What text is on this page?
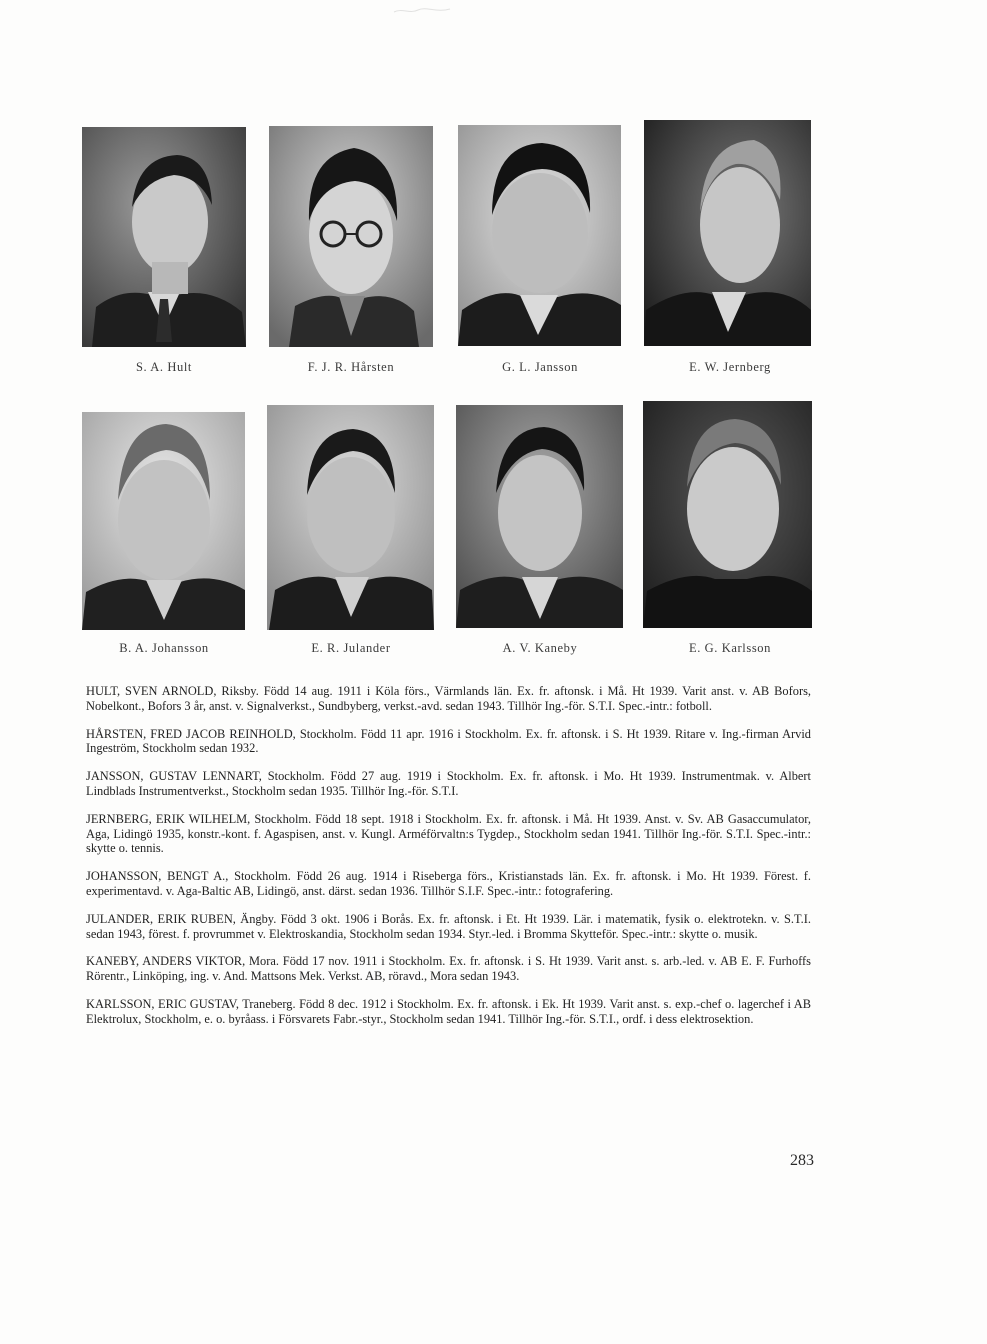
S. A. Hult	F. J. R. Hårsten	G. L. Jansson	E. W. Jernberg
B. A. Johansson	E. R. Julander	A. V. Kaneby	E. G. Karlsson

HULT, SVEN ARNOLD, Riksby. Född 14 aug. 1911 i Köla förs., Värmlands län. Ex. fr. aftonsk. i Må. Ht 1939. Varit anst. v. AB Bofors, Nobelkont., Bofors 3 år, anst. v. Signalverkst., Sundbyberg, verkst.-avd. sedan 1943. Tillhör Ing.-för. S.T.I. Spec.-intr.: fotboll.

HÅRSTEN, FRED JACOB REINHOLD, Stockholm. Född 11 apr. 1916 i Stockholm. Ex. fr. aftonsk. i S. Ht 1939. Ritare v. Ing.-firman Arvid Ingeström, Stockholm sedan 1932.

JANSSON, GUSTAV LENNART, Stockholm. Född 27 aug. 1919 i Stockholm. Ex. fr. aftonsk. i Mo. Ht 1939. Instrumentmak. v. Albert Lindblads Instrumentverkst., Stockholm sedan 1935. Tillhör Ing.-för. S.T.I.

JERNBERG, ERIK WILHELM, Stockholm. Född 18 sept. 1918 i Stockholm. Ex. fr. aftonsk. i Må. Ht 1939. Anst. v. Sv. AB Gasaccumulator, Aga, Lidingö 1935, konstr.-kont. f. Agaspisen, anst. v. Kungl. Arméförvaltn:s Tygdep., Stockholm sedan 1941. Tillhör Ing.-för. S.T.I. Spec.-intr.: skytte o. tennis.

JOHANSSON, BENGT A., Stockholm. Född 26 aug. 1914 i Riseberga förs., Kristianstads län. Ex. fr. aftonsk. i Mo. Ht 1939. Förest. f. experimentavd. v. Aga-Baltic AB, Lidingö, anst. därst. sedan 1936. Tillhör S.I.F. Spec.-intr.: fotografering.

JULANDER, ERIK RUBEN, Ängby. Född 3 okt. 1906 i Borås. Ex. fr. aftonsk. i Et. Ht 1939. Lär. i matematik, fysik o. elektrotekn. v. S.T.I. sedan 1943, förest. f. provrummet v. Elektroskandia, Stockholm sedan 1934. Styr.-led. i Bromma Skytteför. Spec.-intr.: skytte o. musik.

KANEBY, ANDERS VIKTOR, Mora. Född 17 nov. 1911 i Stockholm. Ex. fr. aftonsk. i S. Ht 1939. Varit anst. s. arb.-led. v. AB E. F. Furhoffs Rörentr., Linköping, ing. v. And. Mattsons Mek. Verkst. AB, röravd., Mora sedan 1943.

KARLSSON, ERIC GUSTAV, Traneberg. Född 8 dec. 1912 i Stockholm. Ex. fr. aftonsk. i Ek. Ht 1939. Varit anst. s. exp.-chef o. lagerchef i AB Elektrolux, Stockholm, e. o. byråass. i Försvarets Fabr.-styr., Stockholm sedan 1941. Tillhör Ing.-för. S.T.I., ordf. i dess elektrosektion.

283
